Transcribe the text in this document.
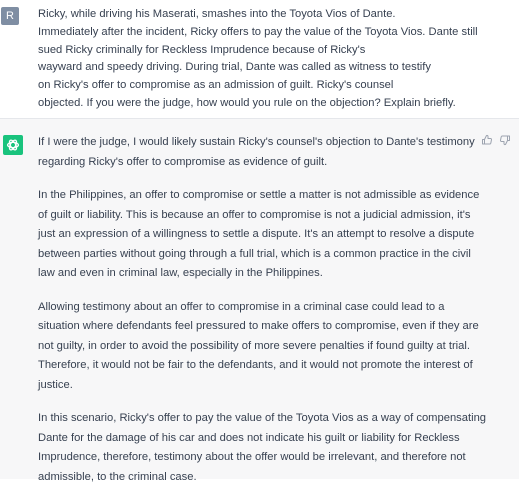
R	Ricky, while driving his Maserati, smashes into the Toyota Vios of Dante.
Immediately after the incident, Ricky offers to pay the value of the Toyota Vios. Dante still
sued Ricky criminally for Reckless Imprudence because of Ricky's
wayward and speedy driving. During trial, Dante was called as witness to testify
on Ricky's offer to compromise as an admission of guilt. Ricky's counsel
objected. If you were the judge, how would you rule on the objection? Explain briefly.

If I were the judge, I would likely sustain Ricky's counsel's objection to Dante's testimony
regarding Ricky's offer to compromise as evidence of guilt.

In the Philippines, an offer to compromise or settle a matter is not admissible as evidence
of guilt or liability. This is because an offer to compromise is not a judicial admission, it's
just an expression of a willingness to settle a dispute. It's an attempt to resolve a dispute
between parties without going through a full trial, which is a common practice in the civil
law and even in criminal law, especially in the Philippines.

Allowing testimony about an offer to compromise in a criminal case could lead to a
situation where defendants feel pressured to make offers to compromise, even if they are
not guilty, in order to avoid the possibility of more severe penalties if found guilty at trial.
Therefore, it would not be fair to the defendants, and it would not promote the interest of
justice.

In this scenario, Ricky's offer to pay the value of the Toyota Vios as a way of compensating
Dante for the damage of his car and does not indicate his guilt or liability for Reckless
Imprudence, therefore, testimony about the offer would be irrelevant, and therefore not
admissible, to the criminal case.
